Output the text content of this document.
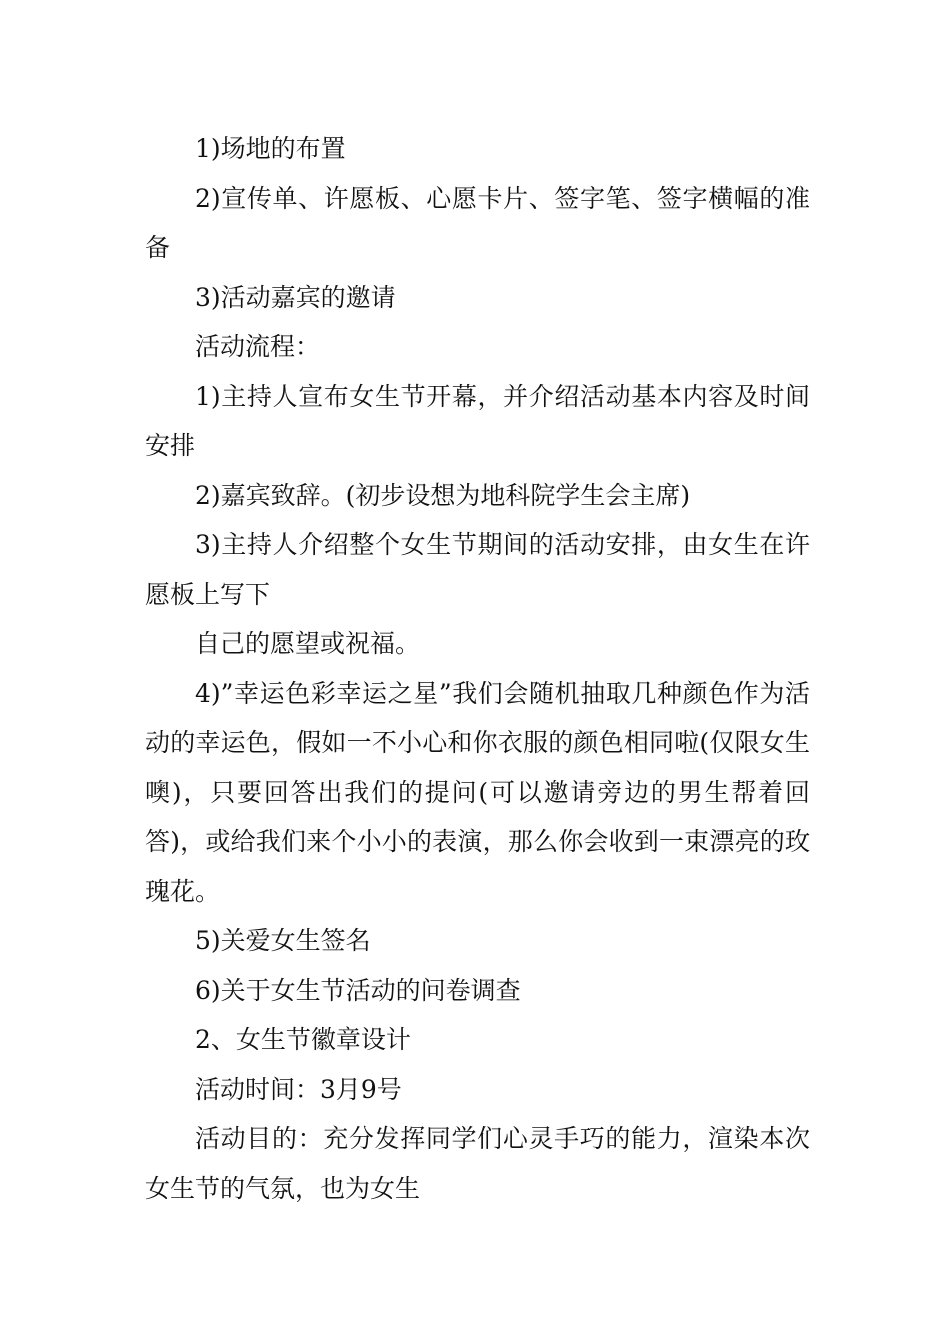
1)场地的布置

2)宣传单、许愿板、心愿卡片、签字笔、签字横幅的准备

3)活动嘉宾的邀请

活动流程：

1)主持人宣布女生节开幕，并介绍活动基本内容及时间安排

2)嘉宾致辞。(初步设想为地科院学生会主席)

3)主持人介绍整个女生节期间的活动安排，由女生在许愿板上写下

自己的愿望或祝福。

4)”幸运色彩幸运之星”我们会随机抽取几种颜色作为活动的幸运色，假如一不小心和你衣服的颜色相同啦(仅限女生噢)，只要回答出我们的提问(可以邀请旁边的男生帮着回答)，或给我们来个小小的表演，那么你会收到一束漂亮的玫瑰花。

5)关爱女生签名

6)关于女生节活动的问卷调查

2、女生节徽章设计

活动时间：3月9号

活动目的：充分发挥同学们心灵手巧的能力，渲染本次女生节的气氛，也为女生
